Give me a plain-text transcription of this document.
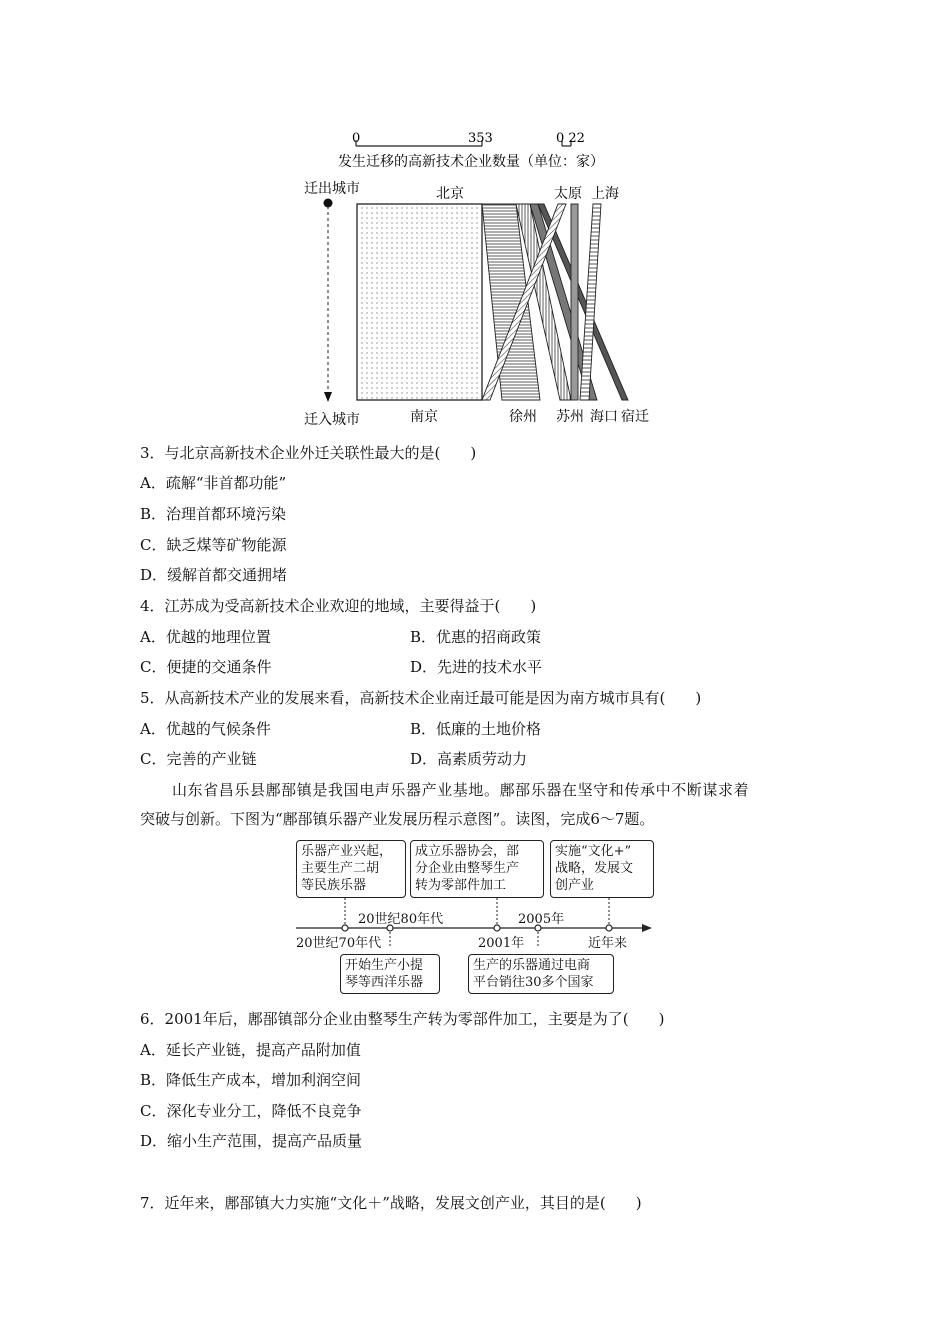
0	353	0 22
发生迁移的高新技术企业数量（单位：家）
迁出城市
迁入城市
北京	太原 上海
南京	徐州 苏州 海口 宿迁
3．与北京高新技术企业外迁关联性最大的是(　　)
A．疏解“非首都功能”
B．治理首都环境污染
C．缺乏煤等矿物能源
D．缓解首都交通拥堵
4．江苏成为受高新技术企业欢迎的地域，主要得益于(　　)
A．优越的地理位置	B．优惠的招商政策
C．便捷的交通条件	D．先进的技术水平
5．从高新技术产业的发展来看，高新技术企业南迁最可能是因为南方城市具有(　　)
A．优越的气候条件	B．低廉的土地价格
C．完善的产业链	D．高素质劳动力
山东省昌乐县鄌郚镇是我国电声乐器产业基地。鄌郚乐器在坚守和传承中不断谋求着
突破与创新。下图为“鄌郚镇乐器产业发展历程示意图”。读图，完成6～7题。
乐器产业兴起，
主要生产二胡
等民族乐器
成立乐器协会，部
分企业由整琴生产
转为零部件加工
实施“文化+”
战略，发展文
创产业
20世纪80年代	2005年
20世纪70年代	2001年	近年来
开始生产小提
琴等西洋乐器
生产的乐器通过电商
平台销往30多个国家
6．2001年后，鄌郚镇部分企业由整琴生产转为零部件加工，主要是为了(　　)
A．延长产业链，提高产品附加值
B．降低生产成本，增加利润空间
C．深化专业分工，降低不良竞争
D．缩小生产范围，提高产品质量
7．近年来，鄌郚镇大力实施“文化＋”战略，发展文创产业，其目的是(　　)
